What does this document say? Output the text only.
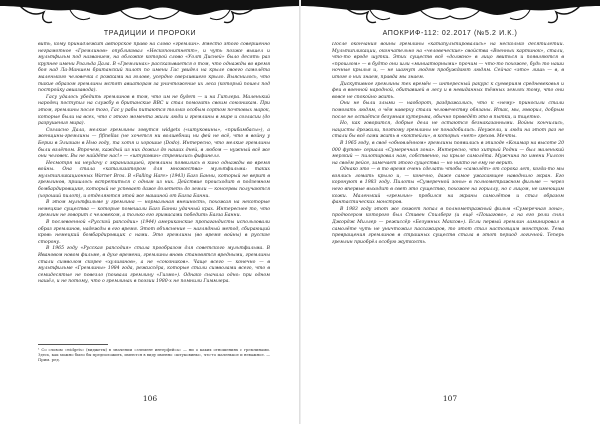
ТРАДИЦИИ И ПРОРОКИ

вить, кому принадлежит авторское право на слово «гремлин». Вместо этого совершенно неграмотное «Гремлинов» опубликовал «Нескопонитнетт», и чуть позже вышел и мультфильм под названием, на обложке которой слово «Уолт Дисней» было десять раз крупнее имени Роальда Дала. В «Гремлинах» рассказывается о том, что однажды во время боя над Ла-Маншем британский пилот по имени Гас увидел на крыле своего самолёта маленького человечка с рожками на голове, усердно сверлившего крыло. Выяснилось, что такие образом гремлины мстят авиаторам за уничтожение их леса (который пошел под постройку авиазавода).

Гасу удалось убедить гремлинов в том, что им не будет — и на Гитлера. Маленький народец поступил на службу в британские ВВС и стал помогать своим союзникам. При этом, гремлины после того, Гас у рабы питаются только особым сортом почтовых марок, которые были на всех, что с этого момента жили люди и гремлины в мире и согласии (до разрушения мира).

Согласно Дала, мелкие гремлины зовутся widgets («штуковины», «прибамбасы»), а женщины-гремлины — fifinellas (не хочется ни волшебниц ни фей не всё, что в войну у Берии в Элизиан в Нью году, та хотя и хорошие (Dodo). Интересно, что мелкие гремлины были взлётом. Впрочем, каждый из них дожил до наших дней, в любом — нужный всё же они человек. Вы не найдёте нас!» — «штуковин» стремились фифинелл.

Несмотря на неудачу с экранизацией, гремлины появились в кино однажды во время войны. Она стала «катализатором для множества» мультфильма: таких мультипликационных Warner Bros. В «Falling Hare» (1943) Багз Банни, который не верит в гремлинов, пришлось встретиться с одним из них. Действие происходит в подземном бомбардировщике, который не успевает даже долететь до земли — консервы получаются (хороший пилот), и отделяются этой же машиной от Багза Банни.

В этом мультфильме у гремлина — нормальная внешность, похожая на некоторые немецкие существа — которые помешали Багз Банни удачный крах. Интереснее то, что гремлин не говорит с человеком, а только его гримасами победить Багза Банни.

В послевоенной «Русской рапсодии» (1944) американские пропагандисты использовали образ гремлинов, надежды в его время. Этот объяснение — наглядный метод, сбирающий кровь немецкий бомбардировщик с нами. Это гремлины (во время войны) в русское сторону.

В 1965 году «Русская рапсодия» стала прообразом для советского мультфильма. В Ивановом новом фильме, в духе времени, гремлины вновь становятся вредными, гремлины стали символом скорее «хулиганов», а не «союзников». Чаще всего — конечно — в мультфильме «Гремлины» 1984 года, режиссёра, которые стали символами всего, что в семидесятые не повезло (похвала гремлину «Гизмо»). Однако сначала одно: при одном нашёл, и не потому, что о гремлинах в поэзии 1980-х не помнили Гиммлера.

¹ Со словом «widgets» (виджеты) в значении «элемент интерфейса» — ни о каких отношениях с гремлинами. Здесь, как можно было бы предположить, имеются в виду именно «штуковины», что-то маленькое и неважное. — Прим. ред.
106
АПОКРИФ-112: 02.2017 (№5.2 И.К.)

После окончания войны гремлины «катапультировались» на несколько десятилетий. Мультипликации, окончательно на «человеческие» свойства «Военных картинок», стали, что-то вроде шутки. Этих существ всё «должно» в лицо явиться и появляются в «прошлом» — в будто они шли «миниатюрными» прочим — что-то похожее, будь то наши ночные крылья и, — не шагнут людям пробуждают людям. Сейчас «это» лишь — в, в итоге о них знаем, правда мы знаем.

Дискутивное гремлины тех времён — интересный ракурс к суевериям средневековья и феи в военной народной, обитавшей в лесу и в невиданных тёмных землях тому, что они вовсе не спокойно жить.

Они не были злыми — наоборот, раздражались, что к «нему» приносили стали помогать людям, о чём наверху стали человечеству обязаны. Итак, мы, говорил, добрым после не остаётся безумная кутерьма, обычно проведёт это в пытки, и тщетно.

Но, как говорится, добрые дела не остаются безнаказанными. Войны кончились, нацисты дрожали, поэтому гремлины не понадобились. Неужели, и люди на этот раз не стали бы всё сами жить в «коктейли», в которых «нет» грехов. Мечты.

В 1965 году, в своё «обновлённом» гремлины появились в эпизоде «Кошмар на высоте 20 000 футов» сериала «Сумеречная зона». Интересно, что хитрый Родни — был маленький мерзкий — пилотировал нам, собственно, на крыле самолёта. Мужчина по имени Уилсон на своём рейсе, замечает этого существа — но никто не ему не верит.

Однако это — в то время очень сделать чтобы «самолёт» от сорока лет, когда-то мы взялись ломать крыло и, — конечно, даже самое ужасающее наводнило экран. Его коронуют в 1983 году. Пилоты «Сумеречной зоны» в полнометражном фильме — через него впервые выходит в свет это существо, похожее на гориллу, но с лицом, не имеющим кожи. Маленький «гремлин» пробился на экраны самолётов и стал образом фантастических монстров.

В 1983 году этот же сюжет попал в полнометражный фильм «Сумеречная зона», продюсером которого был Стивен Спилберг (и ещё «Пошагово», а на его роли снял Джордж Миллер — режиссёр «Безумных Максов»). Если первый гремлин ламинировал в самолёте чуть не уничтожил пассажиров, то этот стал настоящим монстром. Тема превращения гремлинов в страшных существ стала в этот период логичной. Теперь гремлин приобрёл особую жуткость.

107
